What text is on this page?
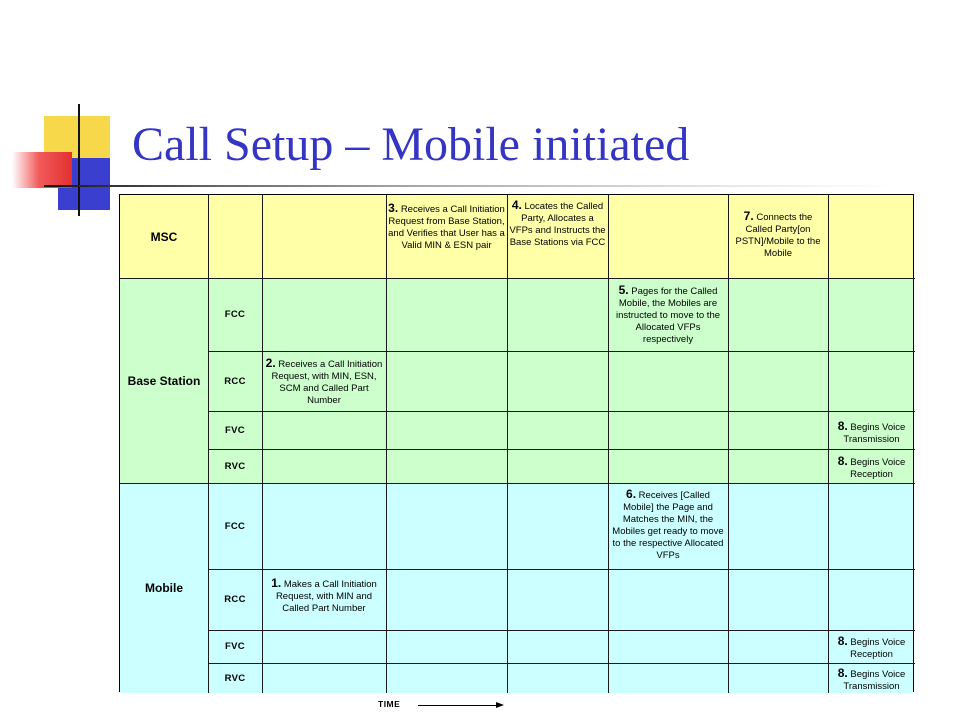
Call Setup – Mobile initiated
MSC
Base Station
Mobile
FCC
RCC
FVC
RVC
FCC
RCC
FVC
RVC
3. Receives a Call Initiation Request from Base Station, and Verifies that User has a Valid MIN & ESN pair
4. Locates the Called Party, Allocates a VFPs and Instructs the Base Stations via FCC
7. Connects the Called Party[on PSTN]/Mobile to the Mobile
2. Receives a Call Initiation Request, with MIN, ESN, SCM and Called Part Number
5. Pages for the Called Mobile, the Mobiles are instructed to move to the Allocated VFPs respectively
8. Begins Voice Transmission
8. Begins Voice Reception
6. Receives [Called Mobile] the Page and Matches the MIN, the Mobiles get ready to move to the respective Allocated VFPs
1. Makes a Call Initiation Request, with MIN and Called Part Number
8. Begins Voice Reception
8. Begins Voice Transmission
TIME
